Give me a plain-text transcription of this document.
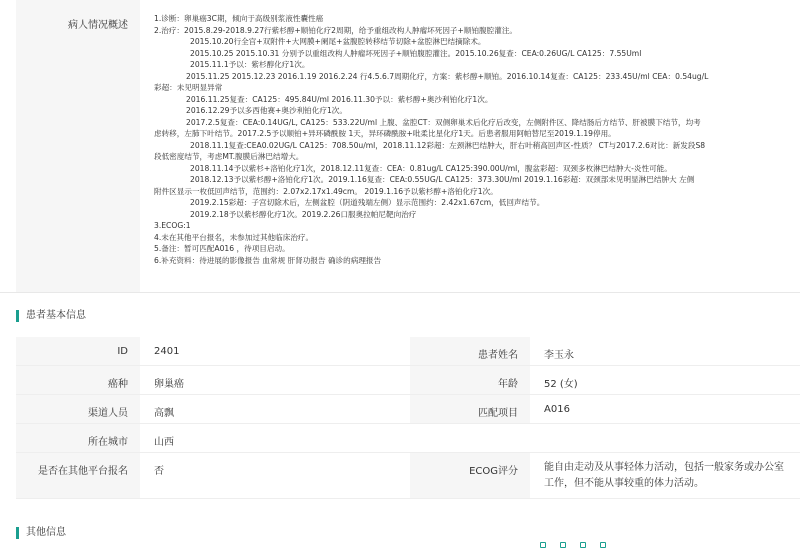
病人情况概述
1.诊断：卵巢癌3C期，倾向于高级别浆液性囊性癌
2.治疗：2015.8.29-2018.9.27行紫杉醇+顺铂化疗2周期，给予重组改构人肿瘤坏死因子+顺铂腹腔灌注。
2015.10.20行全宫+双附件+大网膜+阑尾+盆腹腔转移结节切除+盆腔淋巴结摘除术。
2015.10.25 2015.10.31 分别予以重组改构人肿瘤坏死因子+顺铂腹腔灌注。2015.10.26复查：CEA:0.26UG/L CA125：7.55Uml
2015.11.1予以：紫杉醇化疗1次。
2015.11.25 2015.12.23 2016.1.19 2016.2.24 行4.5.6.7周期化疗，方案：紫杉醇+顺铂。2016.10.14复查：CA125：233.45U/ml CEA：0.54ug/L
彩超：未见明显异常
2016.11.25复查：CA125：495.84U/ml 2016.11.30予以：紫杉醇+奥沙利铂化疗1次。
2016.12.29予以多西他赛+奥沙利铂化疗1次。
2017.2.5复查：CEA:0.14UG/L, CA125：533.22U/ml 上腹、盆腔CT：双侧卵巢术后化疗后改变，左侧附件区、降结肠后方结节、肝被膜下结节，均考
虑转移，左肺下叶结节。2017.2.5予以顺铂+异环磷酰胺 1天，异环磷酰胺+吡柔比星化疗1天。后患者服用阿帕替尼至2019.1.19停用。
2018.11.1复查:CEA0.02UG/L CA125：708.50u/ml，2018.11.12彩超：左颈淋巴结肿大，肝右叶稍高回声区-性质？ CT与2017.2.6对比：新发段S8
段低密度结节，考虑MT.腹膜后淋巴结增大。
2018.11.14予以紫杉+洛铂化疗1次，2018.12.11复查：CEA：0.81ug/L CA125:390.00U/ml，腹盆彩超：双颈多枚淋巴结肿大-炎性可能。
2018.12.13予以紫杉醇+洛铂化疗1次。2019.1.16复查：CEA:0.55UG/L CA125：373.30U/ml 2019.1.16彩超：双颈部未见明显淋巴结肿大 左侧
附件区显示一枚低回声结节，范围约：2.07x2.17x1.49cm。 2019.1.16予以紫杉醇+洛铂化疗1次。
2019.2.15彩超：子宫切除术后，左侧盆腔（阴道残端左侧）显示范围约：2.42x1.67cm，低回声结节。
2019.2.18予以紫杉醇化疗1次。2019.2.26口服奥拉帕尼靶向治疗
3.ECOG:1
4.未在其他平台报名，未参加过其他临床治疗。
5.备注：暂可匹配A016 ，待项目启动。
6.补充资料：待进展的影像报告 血常规 肝肾功报告 确诊的病理报告
患者基本信息
ID	2401	患者姓名	李玉永
癌种	卵巢癌	年龄	52 (女)
渠道人员	高飘	匹配项目	A016
所在城市	山西
是否在其他平台报名	否	ECOG评分	能自由走动及从事轻体力活动，包括一般家务或办公室工作，但不能从事较重的体力活动。
其他信息
